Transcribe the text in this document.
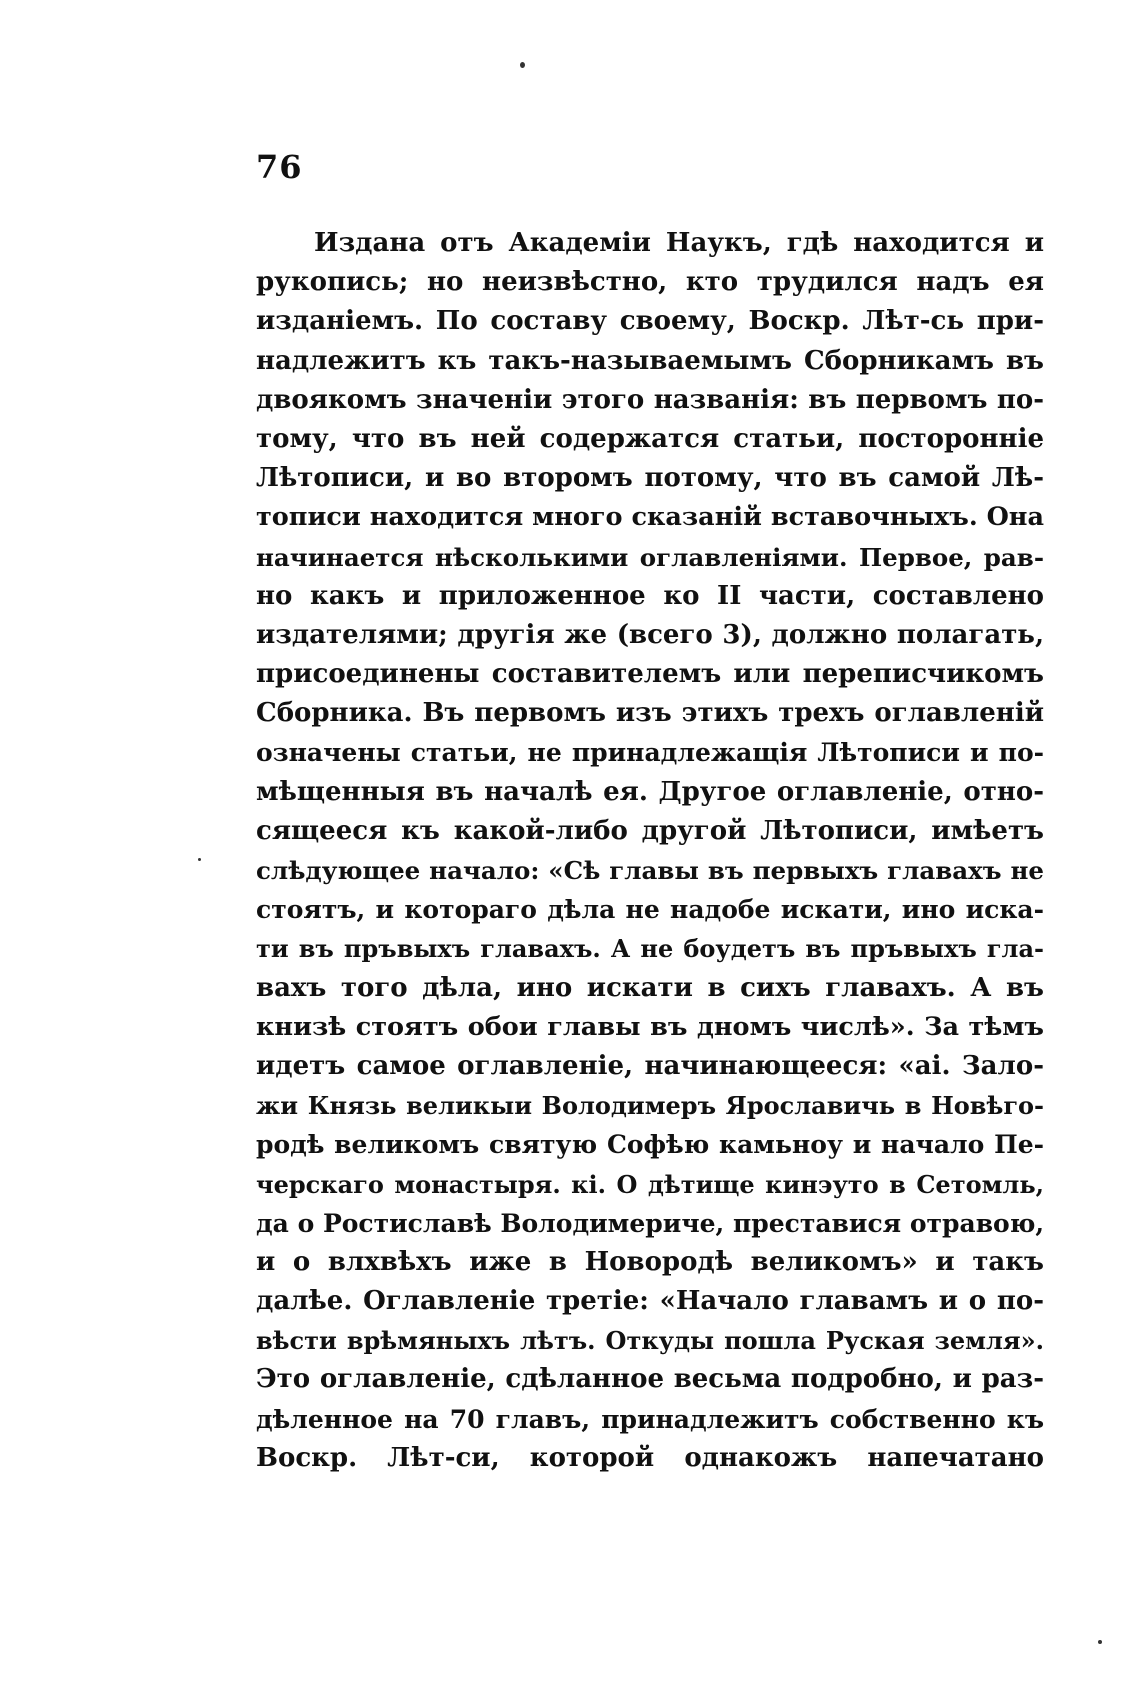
76
Издана отъ Академіи Наукъ, гдѣ находится и
рукопись; но неизвѣстно, кто трудился надъ ея
изданіемъ. По составу своему, Воскр. Лѣт-сь при-
надлежитъ къ такъ-называемымъ Сборникамъ въ
двоякомъ значеніи этого названія: въ первомъ по-
тому, что въ ней содержатся статьи, посторонніе
Лѣтописи, и во второмъ потому, что въ самой Лѣ-
тописи находится много сказаній вставочныхъ. Она
начинается нѣсколькими оглавленіями. Первое, рав-
но какъ и приложенное ко II части, составлено
издателями; другія же (всего 3), должно полагать,
присоединены составителемъ или переписчикомъ
Сборника. Въ первомъ изъ этихъ трехъ оглавленій
означены статьи, не принадлежащія Лѣтописи и по-
мѣщенныя въ началѣ ея. Другое оглавленіе, отно-
сящееся къ какой-либо другой Лѣтописи, имѣетъ
слѣдующее начало: «Сѣ главы въ первыхъ главахъ не
стоятъ, и котораго дѣла не надобе искати, ино иска-
ти въ пръвыхъ главахъ. А не боудетъ въ пръвыхъ гла-
вахъ того дѣла, ино искати в сихъ главахъ. А въ
книзѣ стоятъ обои главы въ дномъ числѣ». За тѣмъ
идетъ самое оглавленіе, начинающееся: «аі. Зало-
жи Князь великыи Володимеръ Ярославичь в Новѣго-
родѣ великомъ святую Софѣю камьноу и начало Пе-
черскаго монастыря. кі. О дѣтище кинэуто в Сетомль,
да о Ростиславѣ Володимериче, преставися отравою,
и о влхвѣхъ иже в Новородѣ великомъ» и такъ
далѣе. Оглавленіе третіе: «Начало главамъ и о по-
вѣсти врѣмяныхъ лѣтъ. Откуды пошла Руская земля».
Это оглавленіе, сдѣланное весьма подробно, и раз-
дѣленное на 70 главъ, принадлежитъ собственно къ
Воскр. Лѣт-си, которой однакожъ напечатано
